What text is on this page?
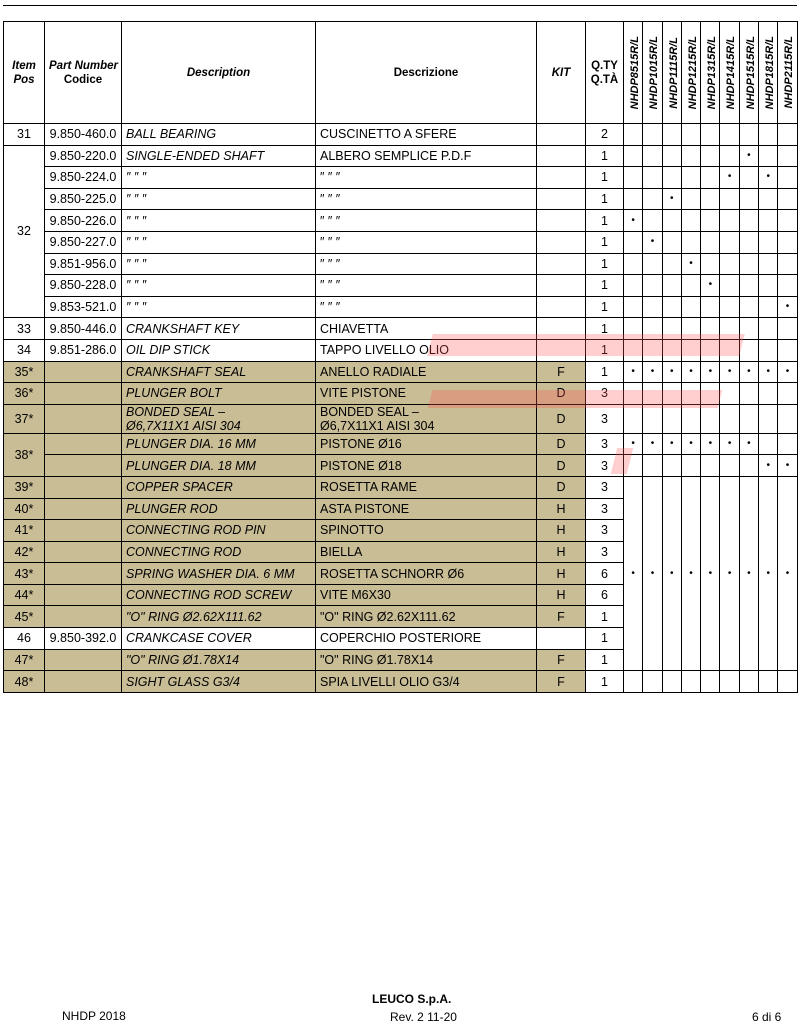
Item
Pos	Part Number
Codice	Description	Descrizione	KIT	Q.TY
Q.TÀ	NHDP8515R/L	NHDP1015R/L	NHDP1115R/L	NHDP1215R/L	NHDP1315R/L	NHDP1415R/L	NHDP1515R/L	NHDP1815R/L	NHDP2115R/L

31	9.850-460.0	BALL BEARING	CUSCINETTO A SFERE		2									
32	9.850-220.0	SINGLE-ENDED SHAFT	ALBERO SEMPLICE P.D.F		1							•		
	9.850-224.0	″ ″ ″	″ ″ ″		1						•		•	
	9.850-225.0	″ ″ ″	″ ″ ″		1			•						
	9.850-226.0	″ ″ ″	″ ″ ″		1	•								
	9.850-227.0	″ ″ ″	″ ″ ″		1		•							
	9.851-956.0	″ ″ ″	″ ″ ″		1				•					
	9.850-228.0	″ ″ ″	″ ″ ″		1					•				
	9.853-521.0	″ ″ ″	″ ″ ″		1									•
33	9.850-446.0	CRANKSHAFT KEY	CHIAVETTA		1									
34	9.851-286.0	OIL DIP STICK	TAPPO LIVELLO OLIO		1									
35*		CRANKSHAFT SEAL	ANELLO RADIALE	F	1	•	•	•	•	•	•	•	•	•
36*		PLUNGER BOLT	VITE PISTONE	D	3									
37*		BONDED SEAL –
Ø6,7X11X1 AISI 304	BONDED SEAL –
Ø6,7X11X1 AISI 304	D	3									
38*		PLUNGER DIA. 16 MM	PISTONE Ø16	D	3	•	•	•	•	•	•	•		
		PLUNGER DIA. 18 MM	PISTONE Ø18	D	3								•	•
39*		COPPER SPACER	ROSETTA RAME	D	3	•	•	•	•	•	•	•	•	•
40*		PLUNGER ROD	ASTA PISTONE	H	3									
41*		CONNECTING ROD PIN	SPINOTTO	H	3									
42*		CONNECTING ROD	BIELLA	H	3									
43*		SPRING WASHER DIA. 6 MM	ROSETTA SCHNORR Ø6	H	6									
44*		CONNECTING ROD SCREW	VITE M6X30	H	6									
45*		"O" RING Ø2.62X111.62	"O" RING Ø2.62X111.62	F	1									
46	9.850-392.0	CRANKCASE COVER	COPERCHIO POSTERIORE		1									
47*		"O" RING Ø1.78X14	"O" RING Ø1.78X14	F	1									
48*		SIGHT GLASS G3/4	SPIA LIVELLI OLIO G3/4	F	1									
LEUCO S.p.A.
NHDP 2018	Rev. 2 11-20	6 di 6
